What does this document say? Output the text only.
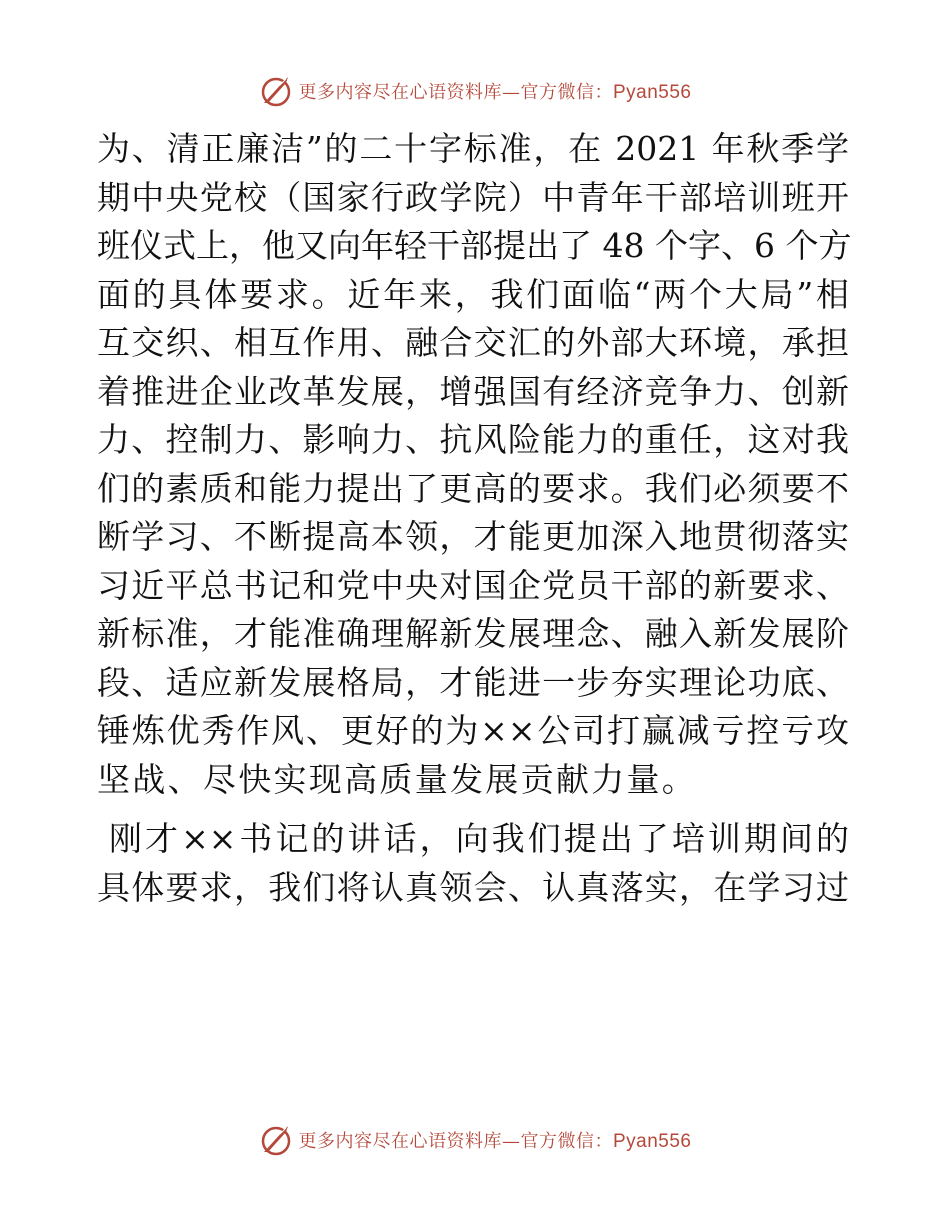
更多内容尽在心语资料库—官方微信：Pyan556
为、清正廉洁”的二十字标准，在 2021 年秋季学
期中央党校（国家行政学院）中青年干部培训班开
班仪式上，他又向年轻干部提出了 48 个字、6 个方
面的具体要求。近年来，我们面临“两个大局”相
互交织、相互作用、融合交汇的外部大环境，承担
着推进企业改革发展，增强国有经济竞争力、创新
力、控制力、影响力、抗风险能力的重任，这对我
们的素质和能力提出了更高的要求。我们必须要不
断学习、不断提高本领，才能更加深入地贯彻落实
习近平总书记和党中央对国企党员干部的新要求、
新标准，才能准确理解新发展理念、融入新发展阶
段、适应新发展格局，才能进一步夯实理论功底、
锤炼优秀作风、更好的为××公司打赢减亏控亏攻
坚战、尽快实现高质量发展贡献力量。
刚才××书记的讲话，向我们提出了培训期间的
具体要求，我们将认真领会、认真落实，在学习过
更多内容尽在心语资料库—官方微信：Pyan556
